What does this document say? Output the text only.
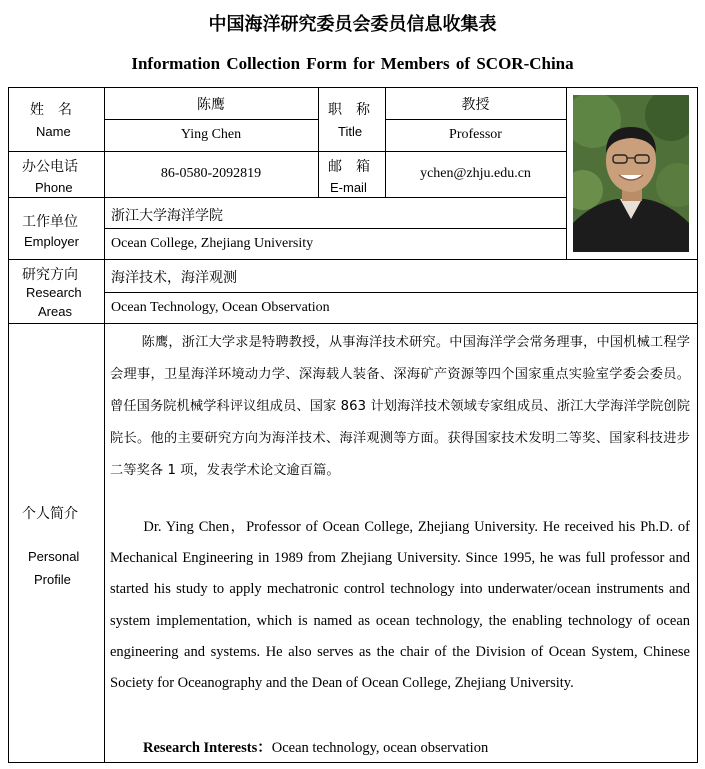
中国海洋研究委员会委员信息收集表
Information Collection Form for Members of SCOR-China
姓　名
Name
职　称
Title
办公电话
Phone
邮　箱
E-mail
工作单位
Employer
研究方向
Research
Areas
个人简介
Personal
Profile
陈鹰
Ying Chen
教授
Professor
86-0580-2092819	ychen@zhju.edu.cn
浙江大学海洋学院
Ocean College, Zhejiang University
海洋技术，海洋观测
Ocean Technology, Ocean Observation
陈鹰，浙江大学求是特聘教授，从事海洋技术研究。中国海洋学会常务理事，中国机械工程学会理事，卫星海洋环境动力学、深海载人装备、深海矿产资源等四个国家重点实验室学委会委员。曾任国务院机械学科评议组成员、国家 863 计划海洋技术领域专家组成员、浙江大学海洋学院创院院长。他的主要研究方向为海洋技术、海洋观测等方面。获得国家技术发明二等奖、国家科技进步二等奖各 1 项，发表学术论文逾百篇。
Dr. Ying Chen，Professor of Ocean College, Zhejiang University. He received his Ph.D. of Mechanical Engineering in 1989 from Zhejiang University. Since 1995, he was full professor and started his study to apply mechatronic control technology into underwater/ocean instruments and system implementation, which is named as ocean technology, the enabling technology of ocean engineering and systems. He also serves as the chair of the Division of Ocean System, Chinese Society for Oceanography and the Dean of Ocean College, Zhejiang University.
Research Interests：Ocean technology, ocean observation
